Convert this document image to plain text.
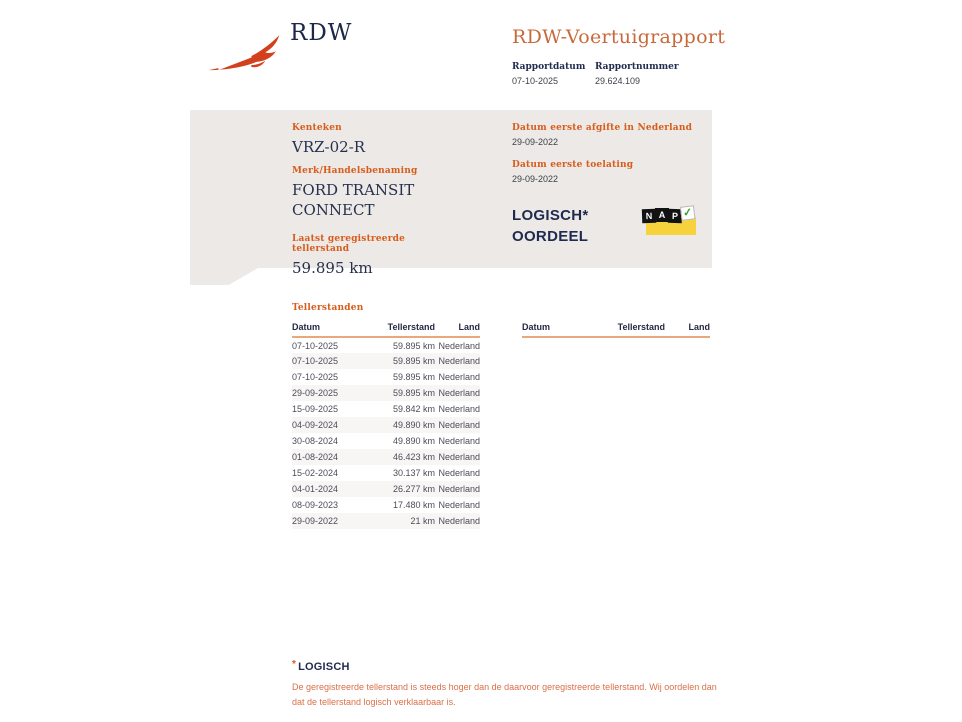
RDW	RDW-Voertuigrapport
Rapportdatum
07-10-2025
Rapportnummer
29.624.109
Kenteken
VRZ-02-R
Merk/Handelsbenaming
FORD TRANSIT CONNECT
Laatst geregistreerde tellerstand
59.895 km
Datum eerste afgifte in Nederland
29-09-2022
Datum eerste toelating
29-09-2022
LOGISCH*
OORDEEL
N A P ✓
Tellerstanden
Datum	Tellerstand	Land
07-10-2025	59.895 km	Nederland
07-10-2025	59.895 km	Nederland
07-10-2025	59.895 km	Nederland
29-09-2025	59.895 km	Nederland
15-09-2025	59.842 km	Nederland
04-09-2024	49.890 km	Nederland
30-08-2024	49.890 km	Nederland
01-08-2024	46.423 km	Nederland
15-02-2024	30.137 km	Nederland
04-01-2024	26.277 km	Nederland
08-09-2023	17.480 km	Nederland
29-09-2022	21 km	Nederland
Datum	Tellerstand	Land
* LOGISCH
De geregistreerde tellerstand is steeds hoger dan de daarvoor geregistreerde tellerstand. Wij oordelen dan dat de tellerstand logisch verklaarbaar is.
